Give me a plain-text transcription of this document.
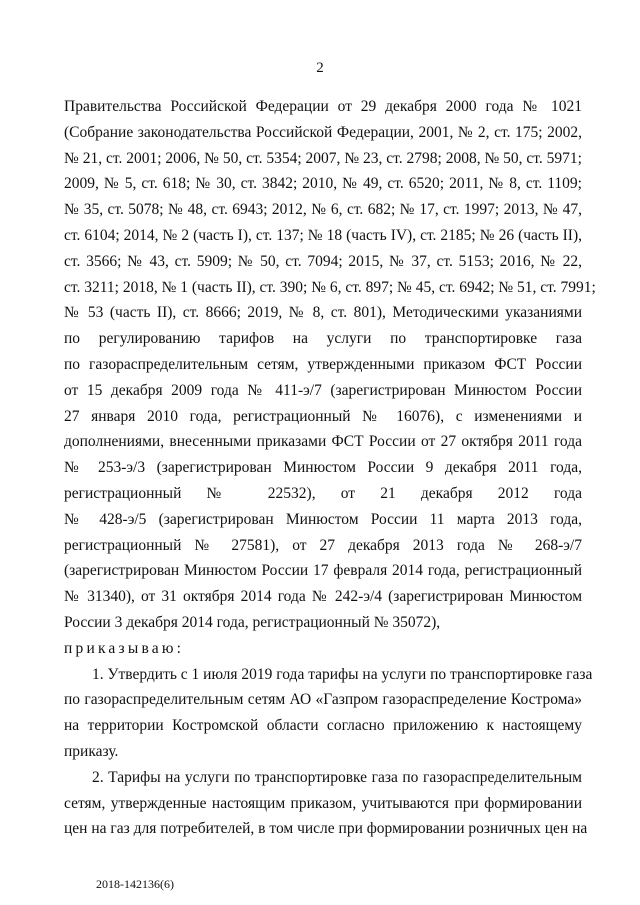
2
Правительства Российской Федерации от 29 декабря 2000 года № 1021
(Собрание законодательства Российской Федерации, 2001, № 2, ст. 175; 2002,
№ 21, ст. 2001; 2006, № 50, ст. 5354; 2007, № 23, ст. 2798; 2008, № 50, ст. 5971;
2009, № 5, ст. 618; № 30, ст. 3842; 2010, № 49, ст. 6520; 2011, № 8, ст. 1109;
№ 35, ст. 5078; № 48, ст. 6943; 2012, № 6, ст. 682; № 17, ст. 1997; 2013, № 47,
ст. 6104; 2014, № 2 (часть I), ст. 137; № 18 (часть IV), ст. 2185; № 26 (часть II),
ст. 3566; № 43, ст. 5909; № 50, ст. 7094; 2015, № 37, ст. 5153; 2016, № 22,
ст. 3211; 2018, № 1 (часть II), ст. 390; № 6, ст. 897; № 45, ст. 6942; № 51, ст. 7991;
№ 53 (часть II), ст. 8666; 2019, № 8, ст. 801), Методическими указаниями
по регулированию тарифов на услуги по транспортировке газа
по газораспределительным сетям, утвержденными приказом ФСТ России
от 15 декабря 2009 года № 411-э/7 (зарегистрирован Минюстом России
27 января 2010 года, регистрационный № 16076), с изменениями и
дополнениями, внесенными приказами ФСТ России от 27 октября 2011 года
№ 253-э/3 (зарегистрирован Минюстом России 9 декабря 2011 года,
регистрационный № 22532), от 21 декабря 2012 года
№ 428-э/5 (зарегистрирован Минюстом России 11 марта 2013 года,
регистрационный № 27581), от 27 декабря 2013 года № 268-э/7
(зарегистрирован Минюстом России 17 февраля 2014 года, регистрационный
№ 31340), от 31 октября 2014 года № 242-э/4 (зарегистрирован Минюстом
России 3 декабря 2014 года, регистрационный № 35072),
приказываю:
1. Утвердить с 1 июля 2019 года тарифы на услуги по транспортировке газа
по газораспределительным сетям АО «Газпром газораспределение Кострома»
на территории Костромской области согласно приложению к настоящему
приказу.
2. Тарифы на услуги по транспортировке газа по газораспределительным
сетям, утвержденные настоящим приказом, учитываются при формировании
цен на газ для потребителей, в том числе при формировании розничных цен на
2018-142136(6)
